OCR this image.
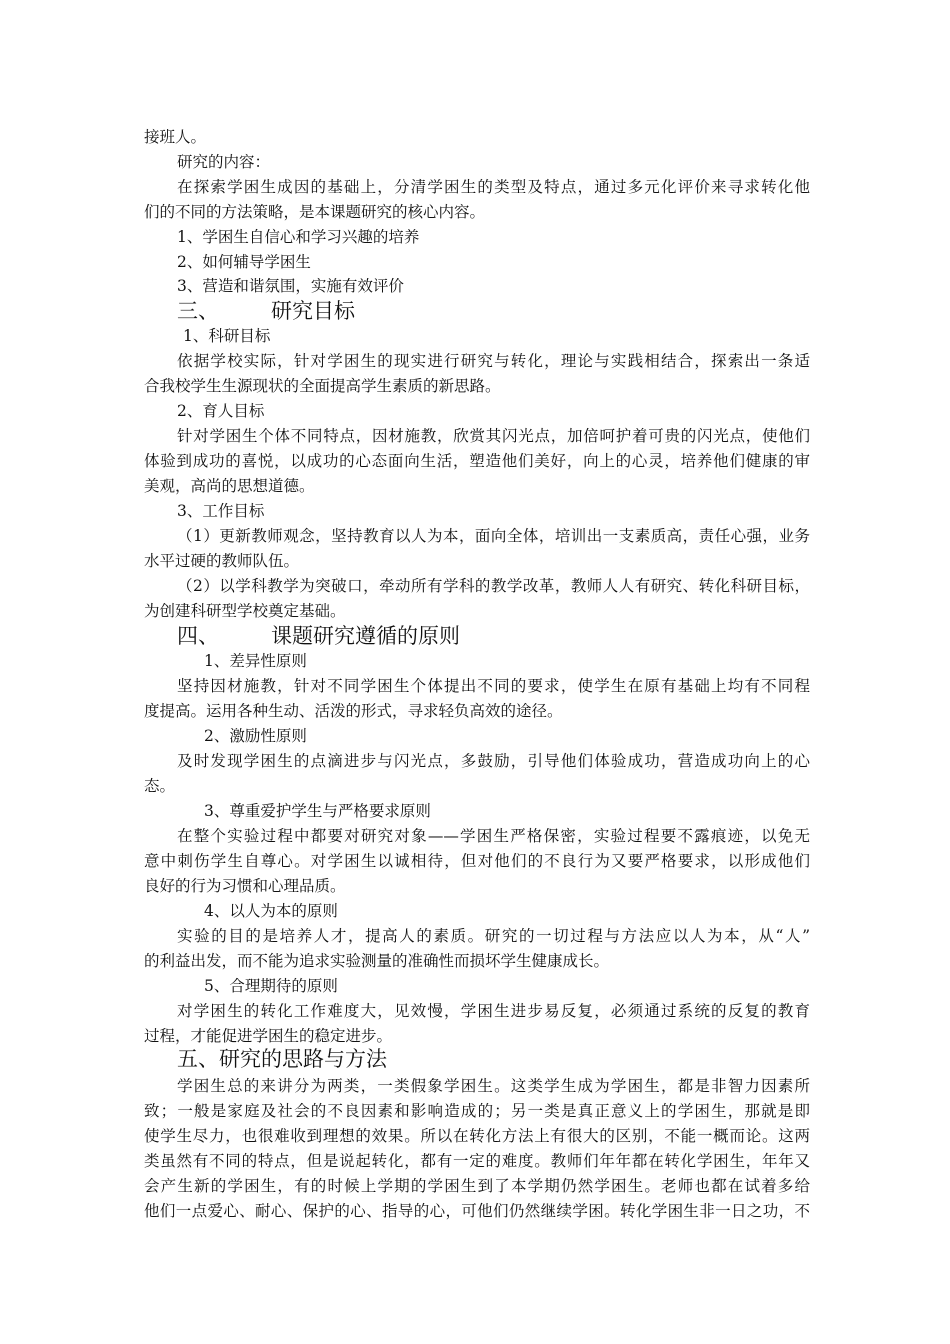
接班人。
研究的内容：
在探索学困生成因的基础上，分清学困生的类型及特点，通过多元化评价来寻求转化他
们的不同的方法策略，是本课题研究的核心内容。
1、学困生自信心和学习兴趣的培养
2、如何辅导学困生
3、营造和谐氛围，实施有效评价
三、 研究目标
1、科研目标
依据学校实际，针对学困生的现实进行研究与转化，理论与实践相结合，探索出一条适
合我校学生生源现状的全面提高学生素质的新思路。
2、育人目标
针对学困生个体不同特点，因材施教，欣赏其闪光点，加倍呵护着可贵的闪光点，使他们
体验到成功的喜悦，以成功的心态面向生活，塑造他们美好，向上的心灵，培养他们健康的审
美观，高尚的思想道德。
3、工作目标
（1）更新教师观念，坚持教育以人为本，面向全体，培训出一支素质高，责任心强，业务
水平过硬的教师队伍。
（2）以学科教学为突破口，牵动所有学科的教学改革，教师人人有研究、转化科研目标，
为创建科研型学校奠定基础。
四、 课题研究遵循的原则
1、差异性原则
坚持因材施教，针对不同学困生个体提出不同的要求，使学生在原有基础上均有不同程
度提高。运用各种生动、活泼的形式，寻求轻负高效的途径。
2、激励性原则
及时发现学困生的点滴进步与闪光点，多鼓励，引导他们体验成功，营造成功向上的心
态。
3、尊重爱护学生与严格要求原则
在整个实验过程中都要对研究对象——学困生严格保密，实验过程要不露痕迹，以免无
意中刺伤学生自尊心。对学困生以诚相待，但对他们的不良行为又要严格要求，以形成他们
良好的行为习惯和心理品质。
4、以人为本的原则
实验的目的是培养人才，提高人的素质。研究的一切过程与方法应以人为本，从“人”
的利益出发，而不能为追求实验测量的准确性而损坏学生健康成长。
5、合理期待的原则
对学困生的转化工作难度大，见效慢，学困生进步易反复，必须通过系统的反复的教育
过程，才能促进学困生的稳定进步。
五、研究的思路与方法
学困生总的来讲分为两类，一类假象学困生。这类学生成为学困生，都是非智力因素所
致；一般是家庭及社会的不良因素和影响造成的；另一类是真正意义上的学困生，那就是即
使学生尽力，也很难收到理想的效果。所以在转化方法上有很大的区别，不能一概而论。这两
类虽然有不同的特点，但是说起转化，都有一定的难度。教师们年年都在转化学困生，年年又
会产生新的学困生，有的时候上学期的学困生到了本学期仍然学困生。老师也都在试着多给
他们一点爱心、耐心、保护的心、指导的心，可他们仍然继续学困。转化学困生非一日之功，不
